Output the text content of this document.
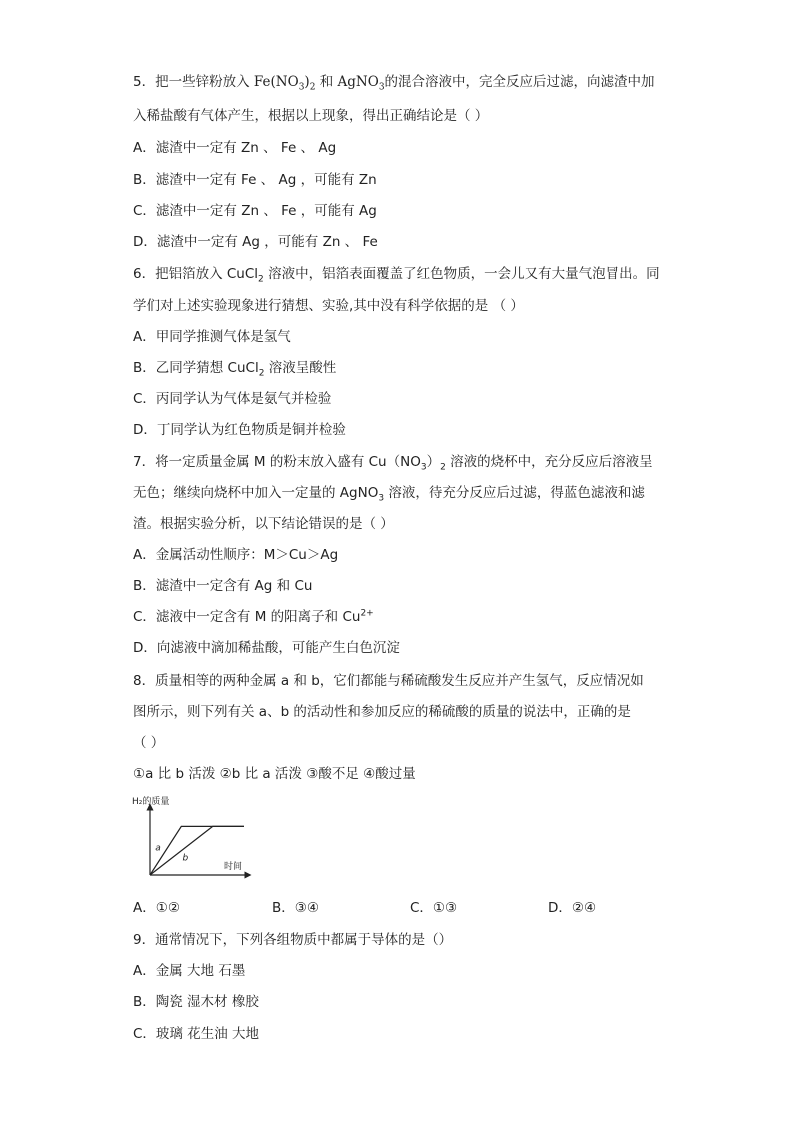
5．把一些锌粉放入 $Fe(NO_3)_2$ 和 AgNO$_3$的混合溶液中，完全反应后过滤，向滤渣中加
入稀盐酸有气体产生，根据以上现象，得出正确结论是（ ）
A．滤渣中一定有 Zn 、 Fe 、 Ag
B．滤渣中一定有 Fe 、 Ag ，可能有 Zn
C．滤渣中一定有 Zn 、 Fe ，可能有 Ag
D．滤渣中一定有 Ag ，可能有 Zn 、 Fe
6．把铝箔放入 CuCl$_2$ 溶液中，铝箔表面覆盖了红色物质，一会儿又有大量气泡冒出。同
学们对上述实验现象进行猜想、实验,其中没有科学依据的是 （ ）
A．甲同学推测气体是氢气
B．乙同学猜想 CuCl$_2$ 溶液呈酸性
C．丙同学认为气体是氨气并检验
D．丁同学认为红色物质是铜并检验
7．将一定质量金属 M 的粉末放入盛有 $Cu(NO_3)_2$ 溶液的烧杯中，充分反应后溶液呈
无色；继续向烧杯中加入一定量的 AgNO$_3$ 溶液，待充分反应后过滤，得蓝色滤液和滤
渣。根据实验分析，以下结论错误的是（ ）
A．金属活动性顺序：M＞Cu＞Ag
B．滤渣中一定含有 Ag 和 Cu
C．滤液中一定含有 M 的阳离子和 $Cu^{2+}$
D．向滤液中滴加稀盐酸，可能产生白色沉淀
8．质量相等的两种金属 a 和 b，它们都能与稀硫酸发生反应并产生氢气，反应情况如
图所示，则下列有关 a、b 的活动性和参加反应的稀硫酸的质量的说法中，正确的是
（ ）
①a 比 b 活泼 ②b 比 a 活泼 ③酸不足 ④酸过量
H₂的质量
时间
a
b
A．①②	B．③④	C．①③	D．②④
9．通常情况下，下列各组物质中都属于导体的是（）
A．金属 大地 石墨
B．陶瓷 湿木材 橡胶
C．玻璃 花生油 大地
